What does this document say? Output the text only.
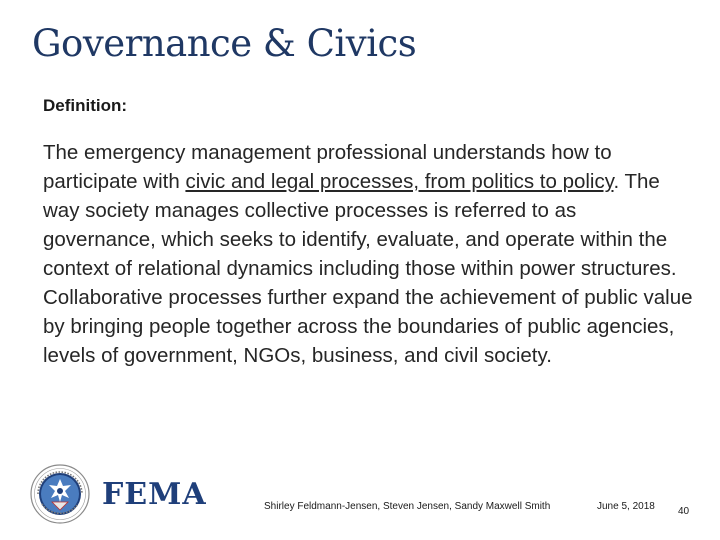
Governance & Civics
Definition:

The emergency management professional understands how to participate with civic and legal processes, from politics to policy. The way society manages collective processes is referred to as governance, which seeks to identify, evaluate, and operate within the context of relational dynamics including those within power structures. Collaborative processes further expand the achievement of public value by bringing people together across the boundaries of public agencies, levels of government, NGOs, business, and civil society.

FEMA	Shirley Feldmann-Jensen, Steven Jensen, Sandy Maxwell Smith	June 5, 2018 40
